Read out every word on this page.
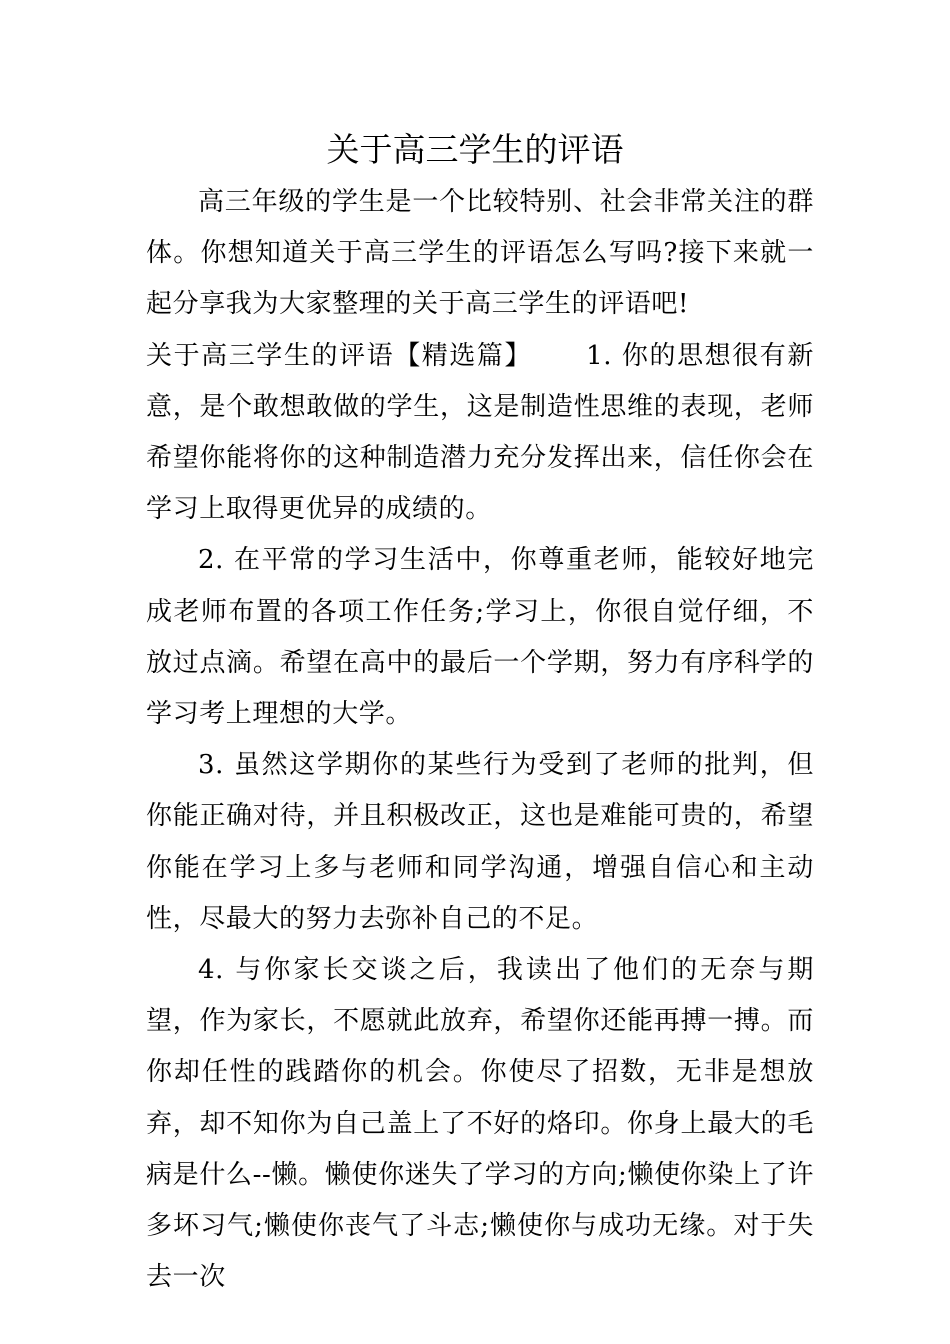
关于高三学生的评语

高三年级的学生是一个比较特别、社会非常关注的群体。你想知道关于高三学生的评语怎么写吗?接下来就一起分享我为大家整理的关于高三学生的评语吧!

关于高三学生的评语【精选篇】 1. 你的思想很有新意，是个敢想敢做的学生，这是制造性思维的表现，老师希望你能将你的这种制造潜力充分发挥出来，信任你会在学习上取得更优异的成绩的。

2. 在平常的学习生活中，你尊重老师，能较好地完成老师布置的各项工作任务;学习上，你很自觉仔细，不放过点滴。希望在高中的最后一个学期，努力有序科学的学习考上理想的大学。

3. 虽然这学期你的某些行为受到了老师的批判，但你能正确对待，并且积极改正，这也是难能可贵的，希望你能在学习上多与老师和同学沟通，增强自信心和主动性，尽最大的努力去弥补自己的不足。

4. 与你家长交谈之后，我读出了他们的无奈与期望，作为家长，不愿就此放弃，希望你还能再搏一搏。而你却任性的践踏你的机会。你使尽了招数，无非是想放弃，却不知你为自己盖上了不好的烙印。你身上最大的毛病是什么--懒。懒使你迷失了学习的方向;懒使你染上了许多坏习气;懒使你丧气了斗志;懒使你与成功无缘。对于失去一次
